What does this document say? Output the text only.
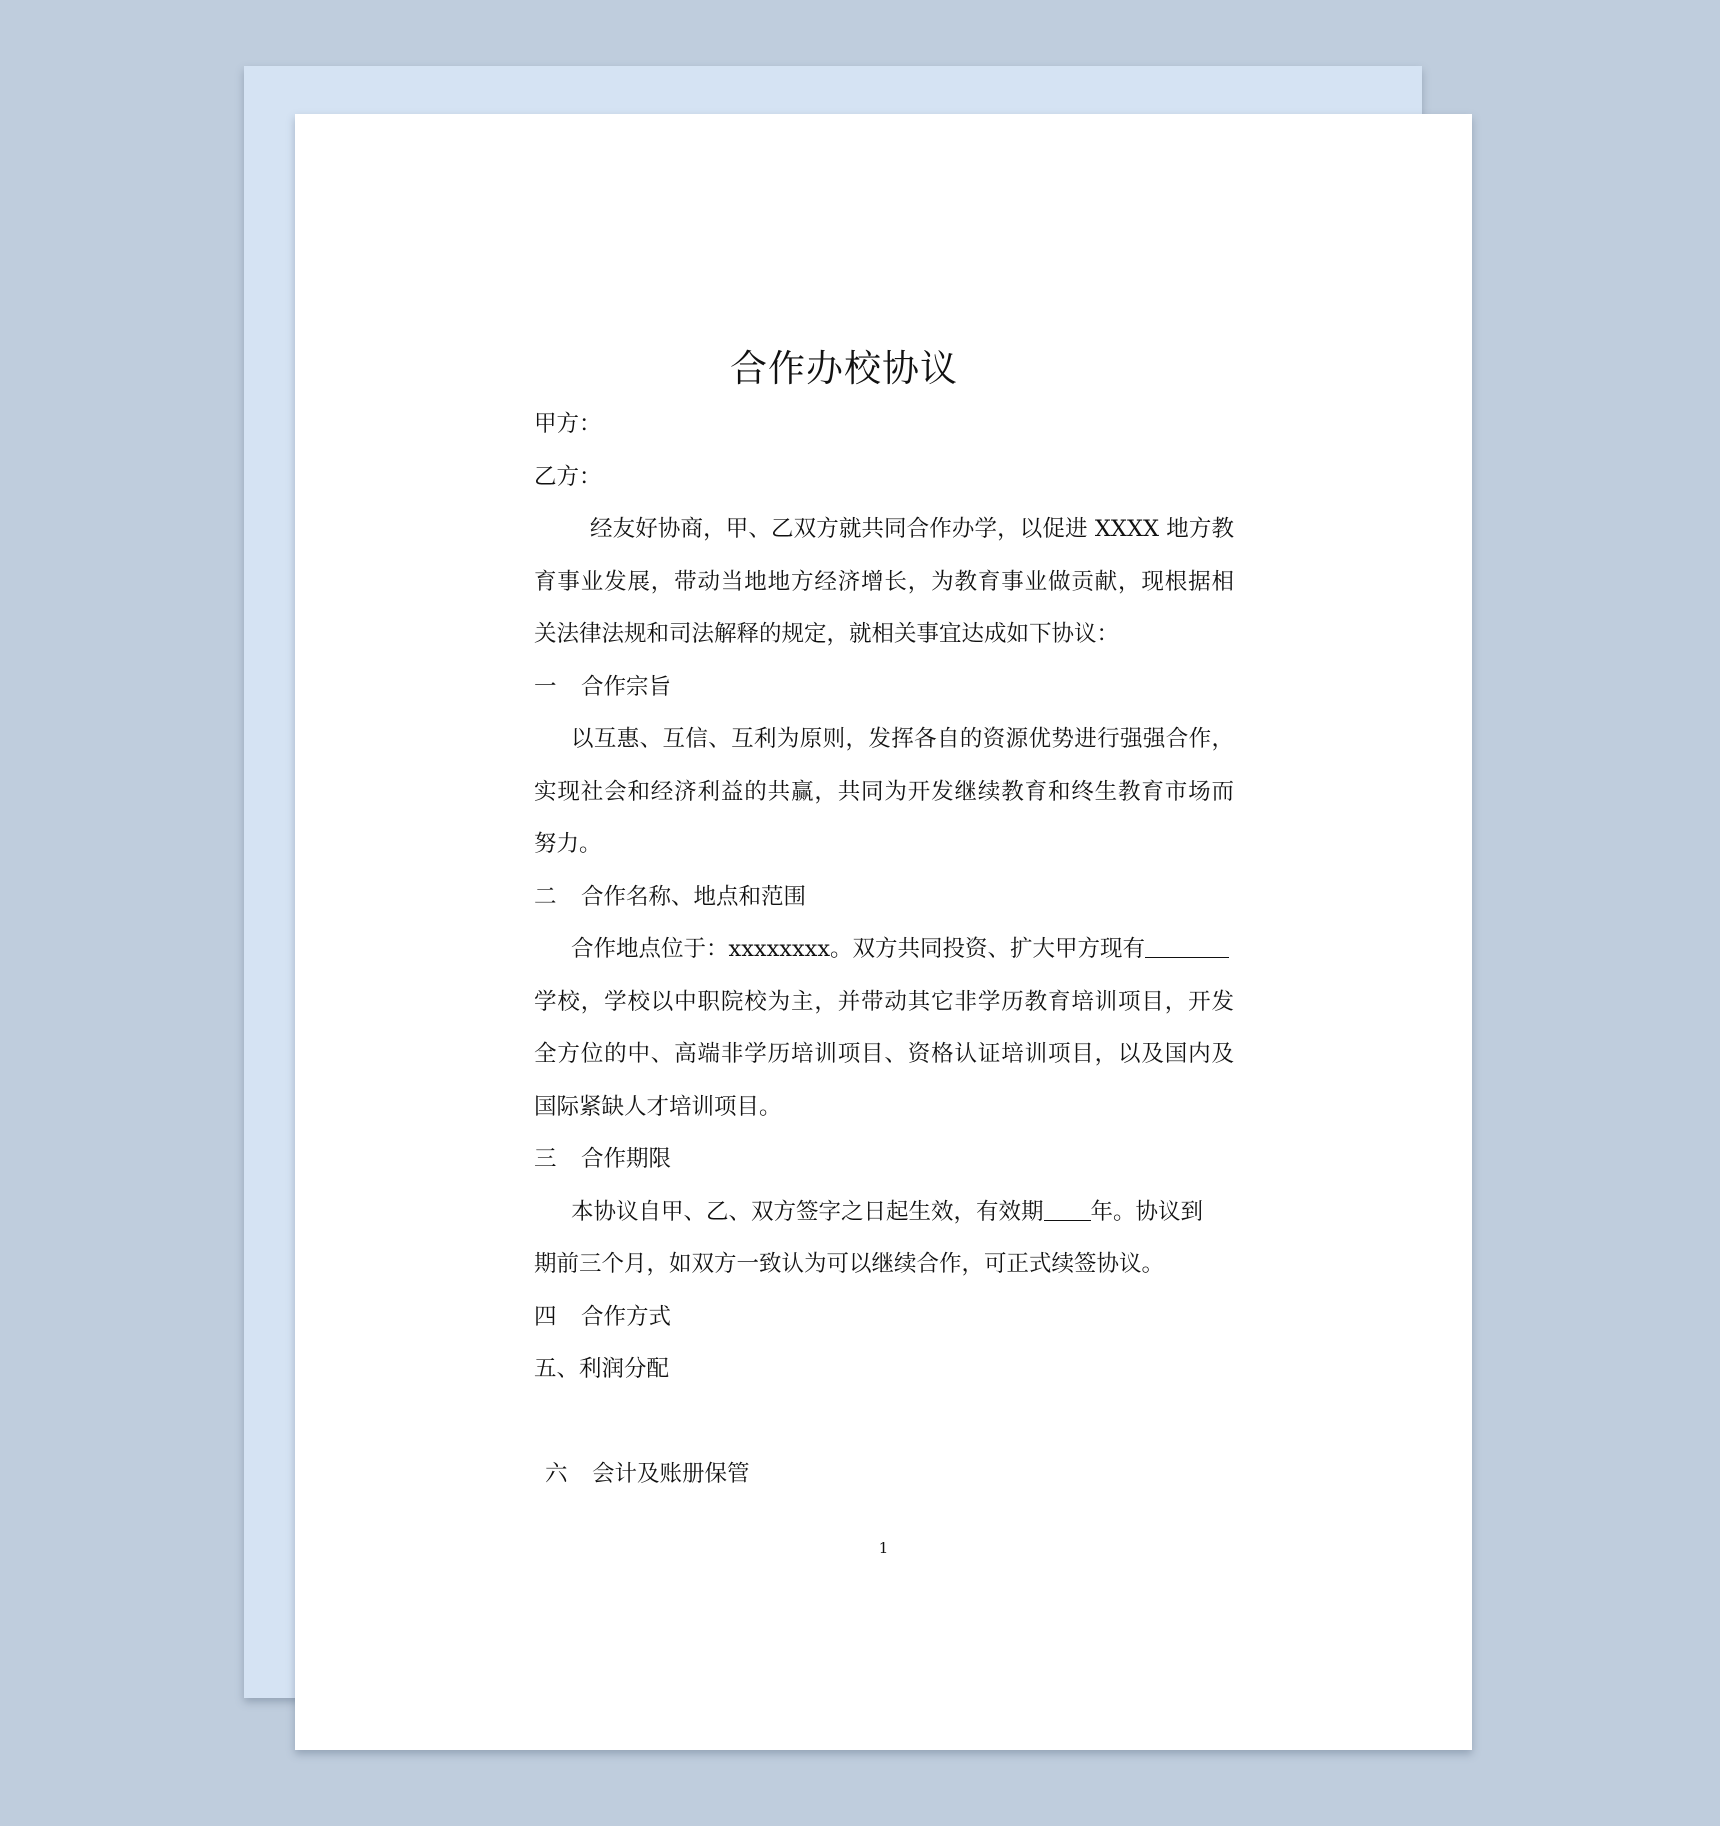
合作办校协议

甲方：

乙方：

经友好协商，甲、乙双方就共同合作办学，以促进 XXXX 地方教

育事业发展，带动当地地方经济增长，为教育事业做贡献，现根据相

关法律法规和司法解释的规定，就相关事宜达成如下协议：

一 合作宗旨

以互惠、互信、互利为原则，发挥各自的资源优势进行强强合作，

实现社会和经济利益的共赢，共同为开发继续教育和终生教育市场而

努力。

二 合作名称、地点和范围

合作地点位于：xxxxxxxx。双方共同投资、扩大甲方现有

学校，学校以中职院校为主，并带动其它非学历教育培训项目，开发

全方位的中、高端非学历培训项目、资格认证培训项目，以及国内及

国际紧缺人才培训项目。

三 合作期限

本协议自甲、乙、双方签字之日起生效，有效期 年。协议到

期前三个月，如双方一致认为可以继续合作，可正式续签协议。

四 合作方式

五、利润分配

六 会计及账册保管

1
